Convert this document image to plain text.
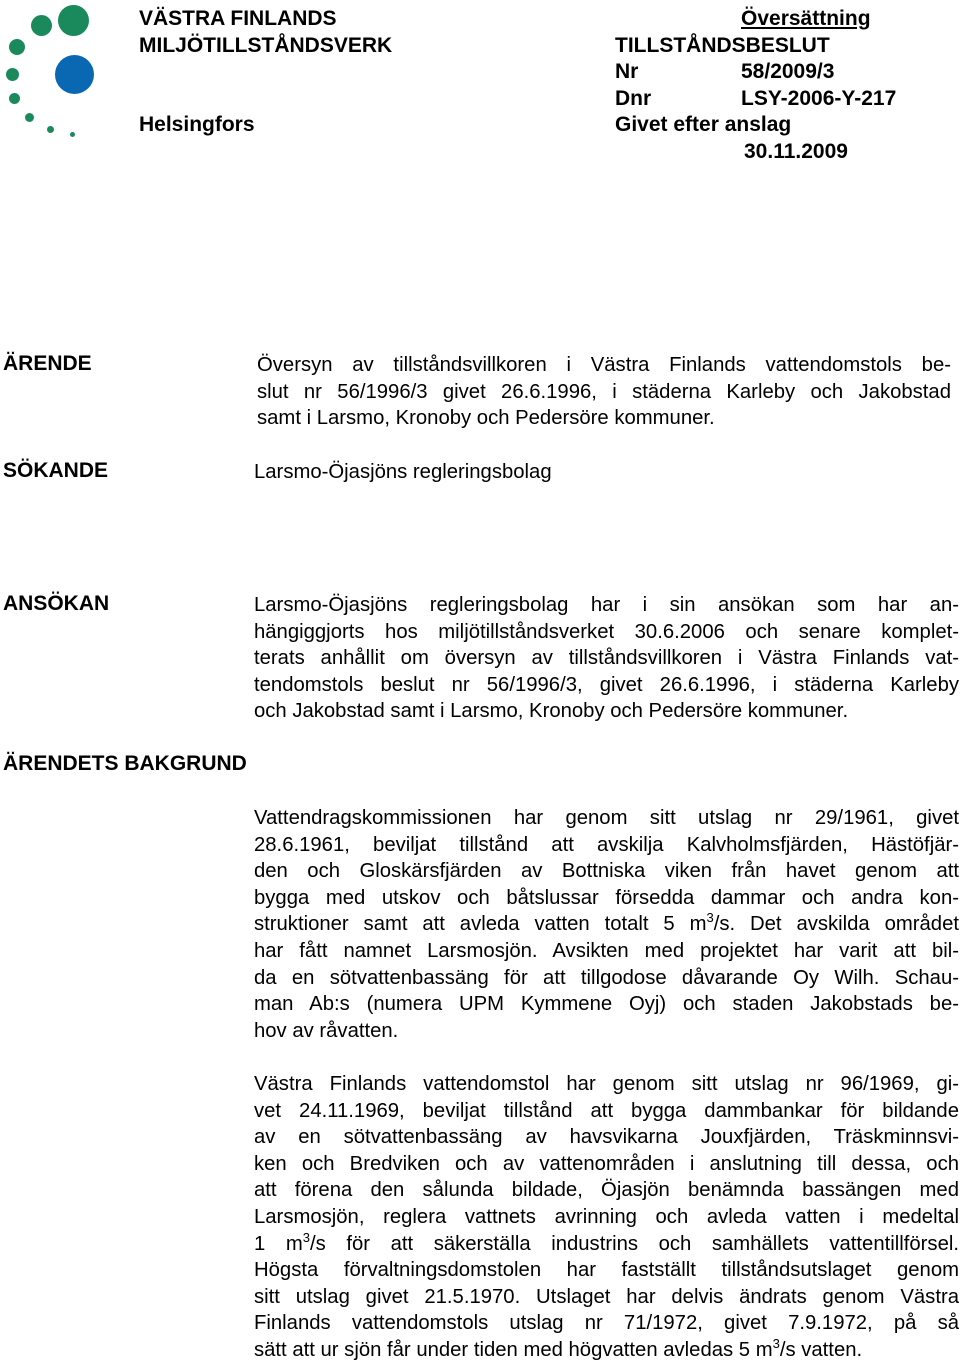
VÄSTRA FINLANDS
MILJÖTILLSTÅNDSVERK
Helsingfors
Översättning
TILLSTÅNDSBESLUT
Nr	58/2009/3
Dnr	LSY-2006-Y-217
Givet efter anslag
30.11.2009
ÄRENDE	Översyn av tillståndsvillkoren i Västra Finlands vattendomstols be-
slut nr 56/1996/3 givet 26.6.1996, i städerna Karleby och Jakobstad
samt i Larsmo, Kronoby och Pedersöre kommuner.
SÖKANDE	Larsmo-Öjasjöns regleringsbolag
ANSÖKAN	Larsmo-Öjasjöns regleringsbolag har i sin ansökan som har an-
hängiggjorts hos miljötillståndsverket 30.6.2006 och senare komplet-
terats anhållit om översyn av tillståndsvillkoren i Västra Finlands vat-
tendomstols beslut nr 56/1996/3, givet 26.6.1996, i städerna Karleby
och Jakobstad samt i Larsmo, Kronoby och Pedersöre kommuner.
ÄRENDETS BAKGRUND
Vattendragskommissionen har genom sitt utslag nr 29/1961, givet
28.6.1961, beviljat tillstånd att avskilja Kalvholmsfjärden, Hästöfjär-
den och Gloskärsfjärden av Bottniska viken från havet genom att
bygga med utskov och båtslussar försedda dammar och andra kon-
struktioner samt att avleda vatten totalt 5 $m^3/s$. Det avskilda området
har fått namnet Larsmosjön. Avsikten med projektet har varit att bil-
da en sötvattenbassäng för att tillgodose dåvarande Oy Wilh. Schau-
man Ab:s (numera UPM Kymmene Oyj) och staden Jakobstads be-
hov av råvatten.
Västra Finlands vattendomstol har genom sitt utslag nr 96/1969, gi-
vet 24.11.1969, beviljat tillstånd att bygga dammbankar för bildande
av en sötvattenbassäng av havsvikarna Jouxfjärden, Träskminnsvi-
ken och Bredviken och av vattenområden i anslutning till dessa, och
att förena den sålunda bildade, Öjasjön benämnda bassängen med
Larsmosjön, reglera vattnets avrinning och avleda vatten i medeltal
1 $m^3/s$ för att säkerställa industrins och samhällets vattentillförsel.
Högsta förvaltningsdomstolen har fastställt tillståndsutslaget genom
sitt utslag givet 21.5.1970. Utslaget har delvis ändrats genom Västra
Finlands vattendomstols utslag nr 71/1972, givet 7.9.1972, på så
sätt att ur sjön får under tiden med högvatten avledas 5 $m^3/s$ vatten.
